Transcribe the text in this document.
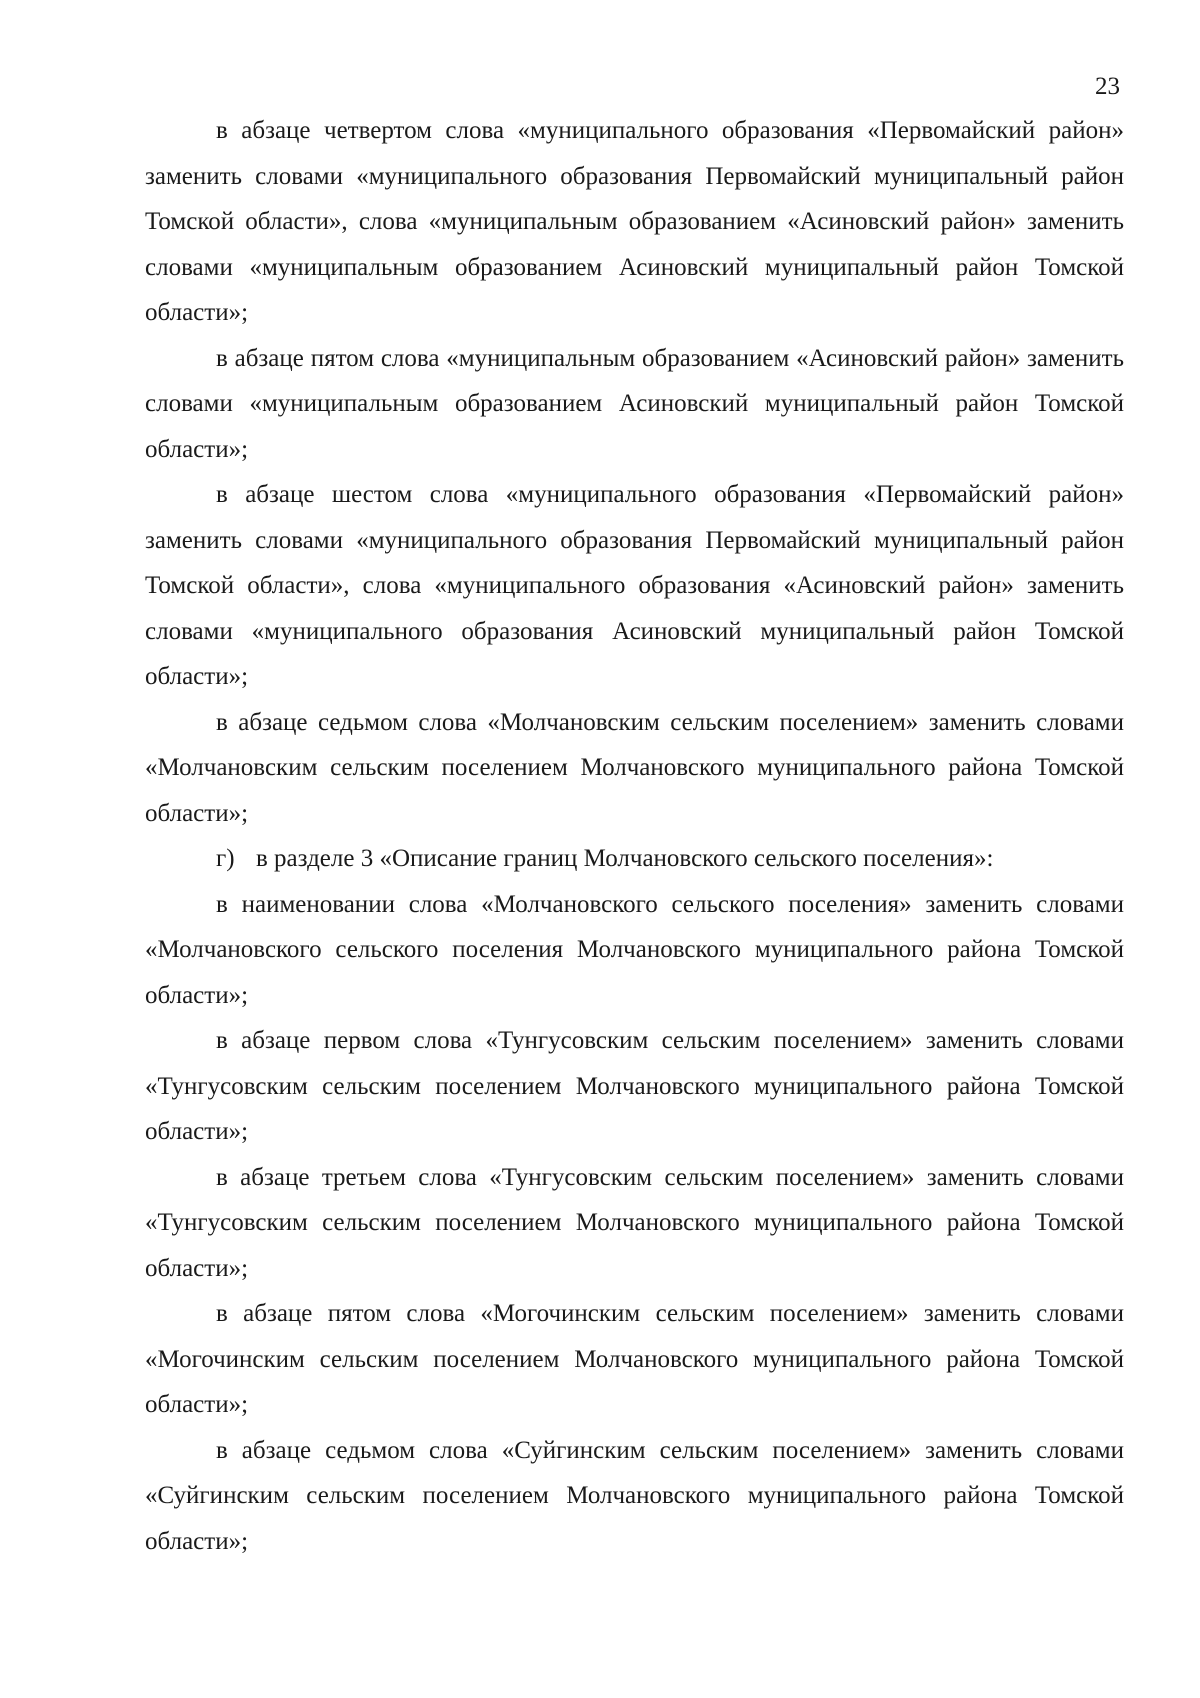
23

в абзаце четвертом слова «муниципального образования «Первомайский район» заменить словами «муниципального образования Первомайский муниципальный район Томской области», слова «муниципальным образованием «Асиновский район» заменить словами «муниципальным образованием Асиновский муниципальный район Томской области»;

в абзаце пятом слова «муниципальным образованием «Асиновский район» заменить словами «муниципальным образованием Асиновский муниципальный район Томской области»;

в абзаце шестом слова «муниципального образования «Первомайский район» заменить словами «муниципального образования Первомайский муниципальный район Томской области», слова «муниципального образования «Асиновский район» заменить словами «муниципального образования Асиновский муниципальный район Томской области»;

в абзаце седьмом слова «Молчановским сельским поселением» заменить словами «Молчановским сельским поселением Молчановского муниципального района Томской области»;

г) в разделе 3 «Описание границ Молчановского сельского поселения»:

в наименовании слова «Молчановского сельского поселения» заменить словами «Молчановского сельского поселения Молчановского муниципального района Томской области»;

в абзаце первом слова «Тунгусовским сельским поселением» заменить словами «Тунгусовским сельским поселением Молчановского муниципального района Томской области»;

в абзаце третьем слова «Тунгусовским сельским поселением» заменить словами «Тунгусовским сельским поселением Молчановского муниципального района Томской области»;

в абзаце пятом слова «Могочинским сельским поселением» заменить словами «Могочинским сельским поселением Молчановского муниципального района Томской области»;

в абзаце седьмом слова «Суйгинским сельским поселением» заменить словами «Суйгинским сельским поселением Молчановского муниципального района Томской области»;
